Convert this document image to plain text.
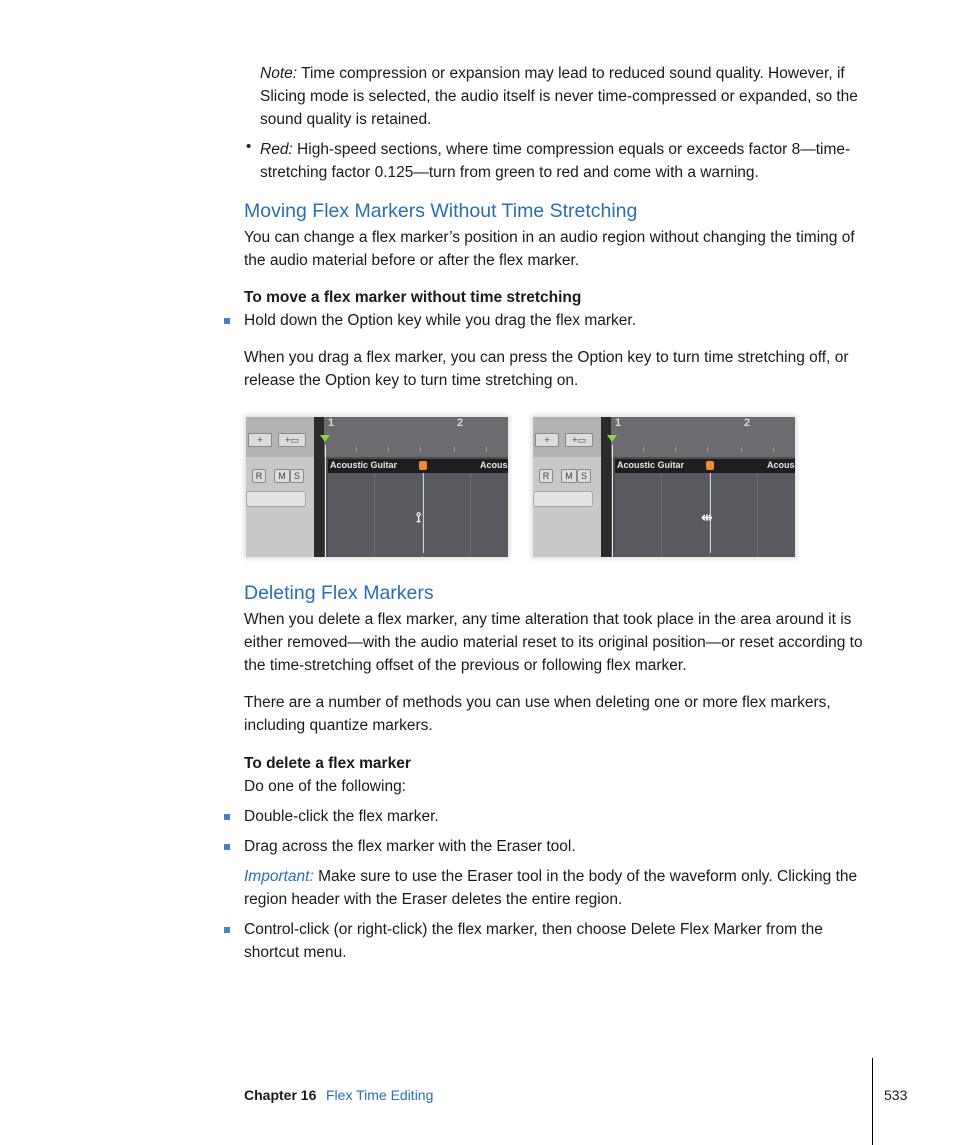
Note: Time compression or expansion may lead to reduced sound quality. However, if Slicing mode is selected, the audio itself is never time-compressed or expanded, so the sound quality is retained.

• Red: High-speed sections, where time compression equals or exceeds factor 8—time-stretching factor 0.125—turn from green to red and come with a warning.

Moving Flex Markers Without Time Stretching

You can change a flex marker’s position in an audio region without changing the timing of the audio material before or after the flex marker.

To move a flex marker without time stretching

Hold down the Option key while you drag the flex marker.

When you drag a flex marker, you can press the Option key to turn time stretching off, or release the Option key to turn time stretching on.

+	+▭
R	M S
1	2
Acoustic Guitar	Acous
⟟
+	+▭
R	M S
1	2
Acoustic Guitar	Acous
⇹
Deleting Flex Markers

When you delete a flex marker, any time alteration that took place in the area around it is either removed—with the audio material reset to its original position—or reset according to the time-stretching offset of the previous or following flex marker.

There are a number of methods you can use when deleting one or more flex markers, including quantize markers.

To delete a flex marker

Do one of the following:

Double-click the flex marker.

Drag across the flex marker with the Eraser tool.

Important: Make sure to use the Eraser tool in the body of the waveform only. Clicking the region header with the Eraser deletes the entire region.

Control-click (or right-click) the flex marker, then choose Delete Flex Marker from the shortcut menu.

Chapter 16 Flex Time Editing	533
